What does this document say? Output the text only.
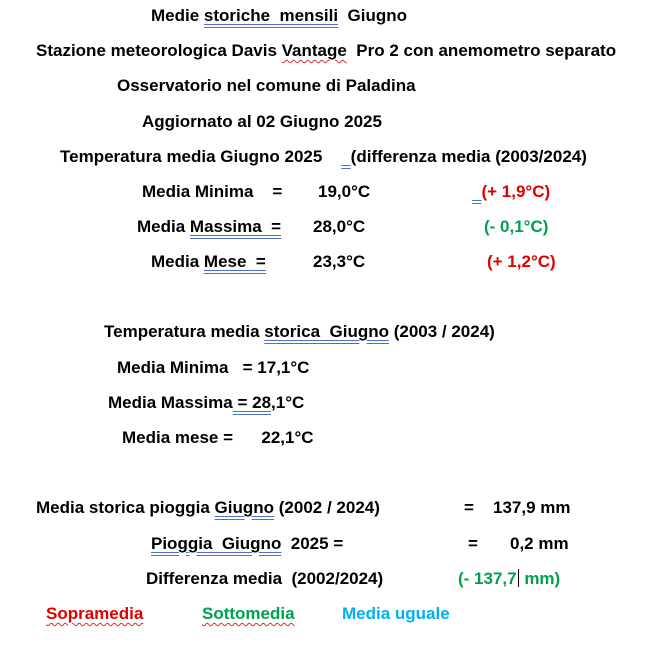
Medie storiche  mensili  Giugno
Stazione meteorologica Davis Vantage  Pro 2 con anemometro separato
Osservatorio nel comune di Paladina
Aggiornato al 02 Giugno 2025
Temperatura media Giugno 2025      (differenza media (2003/2024)
Media Minima    = 19,0°C	(+ 1,9°C)
Media Massima  = 28,0°C	(- 0,1°C)
Media Mese  =	23,3°C	(+ 1,2°C)
Temperatura media storica  Giugno (2003 / 2024)
Media Minima   = 17,1°C
Media Massima = 28,1°C
Media mese =      22,1°C
Media storica pioggia Giugno (2002 / 2024)	= 137,9 mm
Pioggia  Giugno  2025 =	= 0,2 mm
Differenza media  (2002/2024)	(- 137,7 mm)
Sopramedia	Sottomedia	Media uguale
